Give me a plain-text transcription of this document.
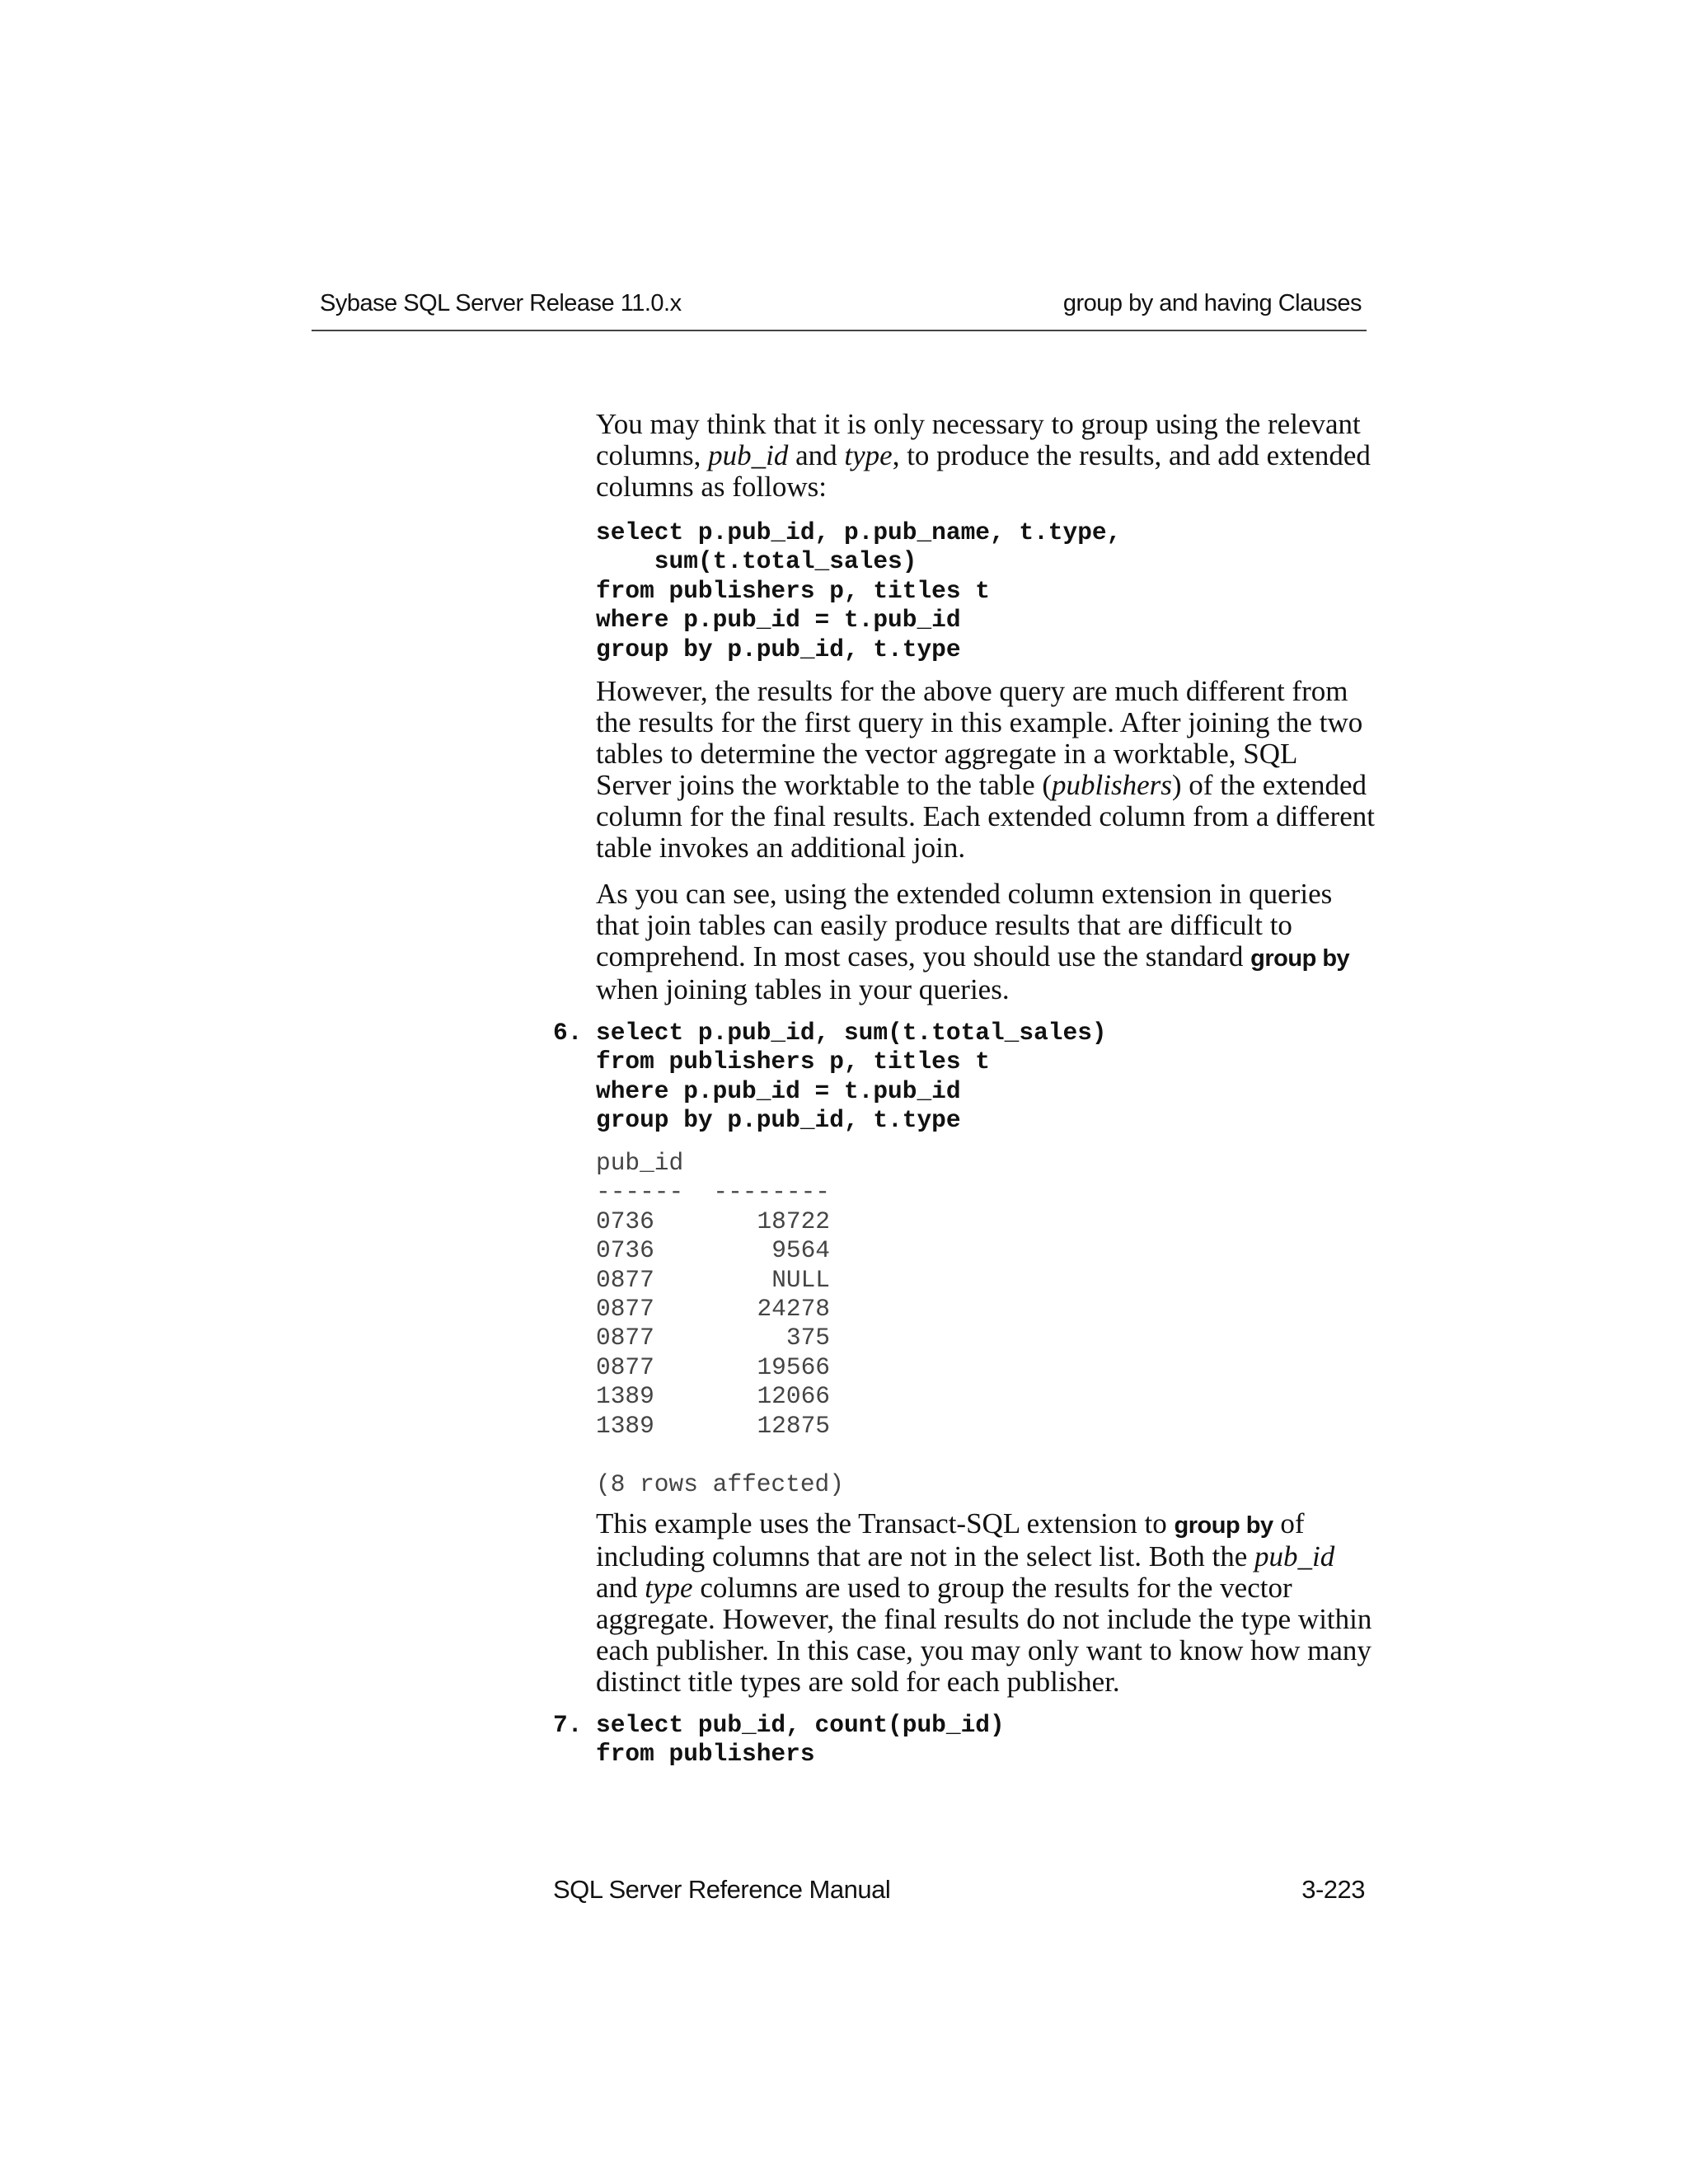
Sybase SQL Server Release 11.0.x	group by and having Clauses

You may think that it is only necessary to group using the relevant columns, pub_id and type, to produce the results, and add extended columns as follows:

select p.pub_id, p.pub_name, t.type,
sum(t.total_sales)
from publishers p, titles t
where p.pub_id = t.pub_id
group by p.pub_id, t.type

However, the results for the above query are much different from the results for the first query in this example. After joining the two tables to determine the vector aggregate in a worktable, SQL Server joins the worktable to the table (publishers) of the extended column for the final results. Each extended column from a different table invokes an additional join.

As you can see, using the extended column extension in queries that join tables can easily produce results that are difficult to comprehend. In most cases, you should use the standard group by when joining tables in your queries.

6. select p.pub_id, sum(t.total_sales)
from publishers p, titles t
where p.pub_id = t.pub_id
group by p.pub_id, t.type
pub_id	
------	--------
0736	18722
0736	9564
0877	NULL
0877	24278
0877	375
0877	19566
1389	12066
1389	12875
(8 rows affected)

This example uses the Transact-SQL extension to group by of including columns that are not in the select list. Both the pub_id and type columns are used to group the results for the vector aggregate. However, the final results do not include the type within each publisher. In this case, you may only want to know how many distinct title types are sold for each publisher.

7. select pub_id, count(pub_id)
from publishers
SQL Server Reference Manual	3-223
